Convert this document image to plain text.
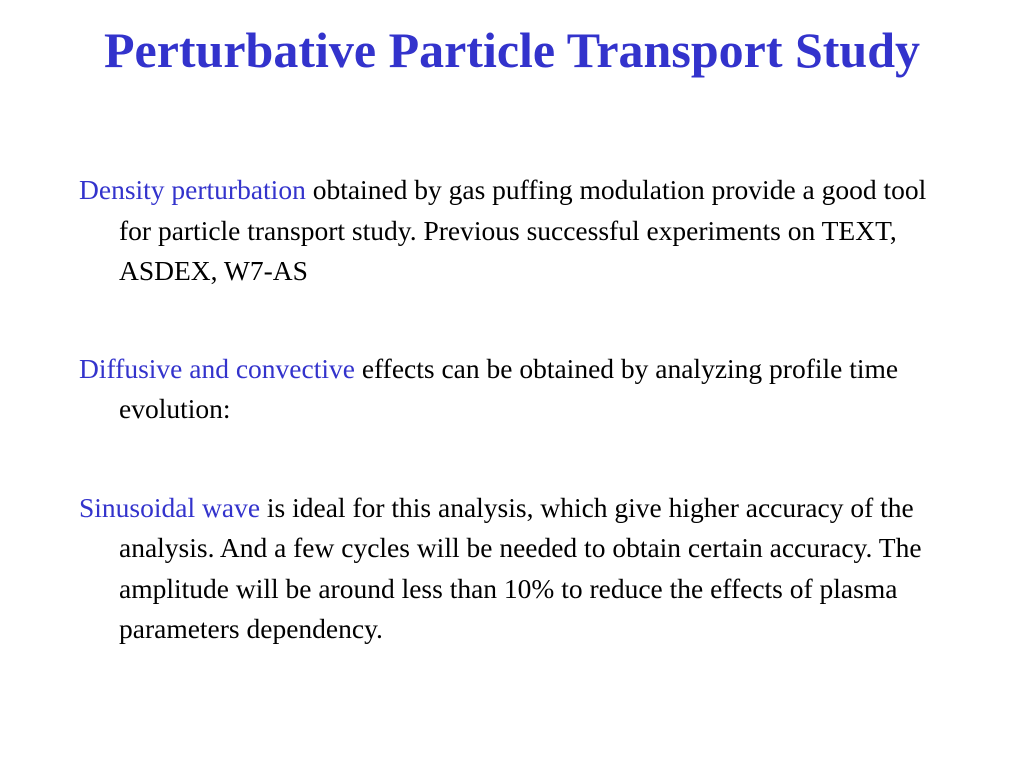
Perturbative Particle Transport Study

Density perturbation obtained by gas puffing modulation provide a good tool for particle transport study. Previous successful experiments on TEXT, ASDEX, W7-AS

Diffusive and convective effects can be obtained by analyzing profile time evolution:

Sinusoidal wave is ideal for this analysis, which give higher accuracy of the analysis. And a few cycles will be needed to obtain certain accuracy. The amplitude will be around less than 10% to reduce the effects of plasma parameters dependency.
